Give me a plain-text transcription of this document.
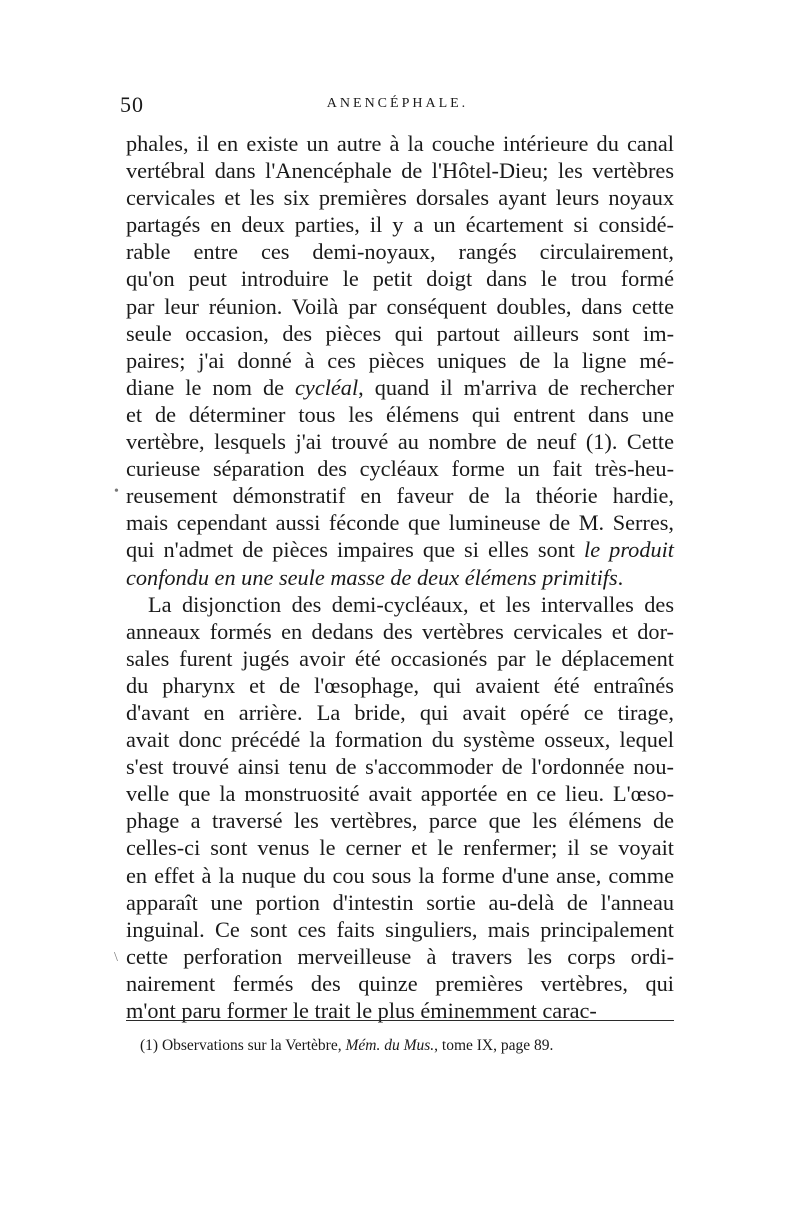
50	ANENCÉPHALE.
phales, il en existe un autre à la couche intérieure du canal
vertébral dans l'Anencéphale de l'Hôtel-Dieu; les vertèbres
cervicales et les six premières dorsales ayant leurs noyaux
partagés en deux parties, il y a un écartement si considé-
rable entre ces demi-noyaux, rangés circulairement,
qu'on peut introduire le petit doigt dans le trou formé
par leur réunion. Voilà par conséquent doubles, dans cette
seule occasion, des pièces qui partout ailleurs sont im-
paires; j'ai donné à ces pièces uniques de la ligne mé-
diane le nom de cycléal, quand il m'arriva de rechercher
et de déterminer tous les élémens qui entrent dans une
vertèbre, lesquels j'ai trouvé au nombre de neuf (1). Cette
curieuse séparation des cycléaux forme un fait très-heu-
reusement démonstratif en faveur de la théorie hardie,
mais cependant aussi féconde que lumineuse de M. Serres,
qui n'admet de pièces impaires que si elles sont le produit
confondu en une seule masse de deux élémens primitifs.
La disjonction des demi-cycléaux, et les intervalles des
anneaux formés en dedans des vertèbres cervicales et dor-
sales furent jugés avoir été occasionés par le déplacement
du pharynx et de l'œsophage, qui avaient été entraînés
d'avant en arrière. La bride, qui avait opéré ce tirage,
avait donc précédé la formation du système osseux, lequel
s'est trouvé ainsi tenu de s'accommoder de l'ordonnée nou-
velle que la monstruosité avait apportée en ce lieu. L'œso-
phage a traversé les vertèbres, parce que les élémens de
celles-ci sont venus le cerner et le renfermer; il se voyait
en effet à la nuque du cou sous la forme d'une anse, comme
apparaît une portion d'intestin sortie au-delà de l'anneau
inguinal. Ce sont ces faits singuliers, mais principalement
cette perforation merveilleuse à travers les corps ordi-
nairement fermés des quinze premières vertèbres, qui
m'ont paru former le trait le plus éminemment carac-
(1) Observations sur la Vertèbre, Mém. du Mus., tome IX, page 89.
•
\
